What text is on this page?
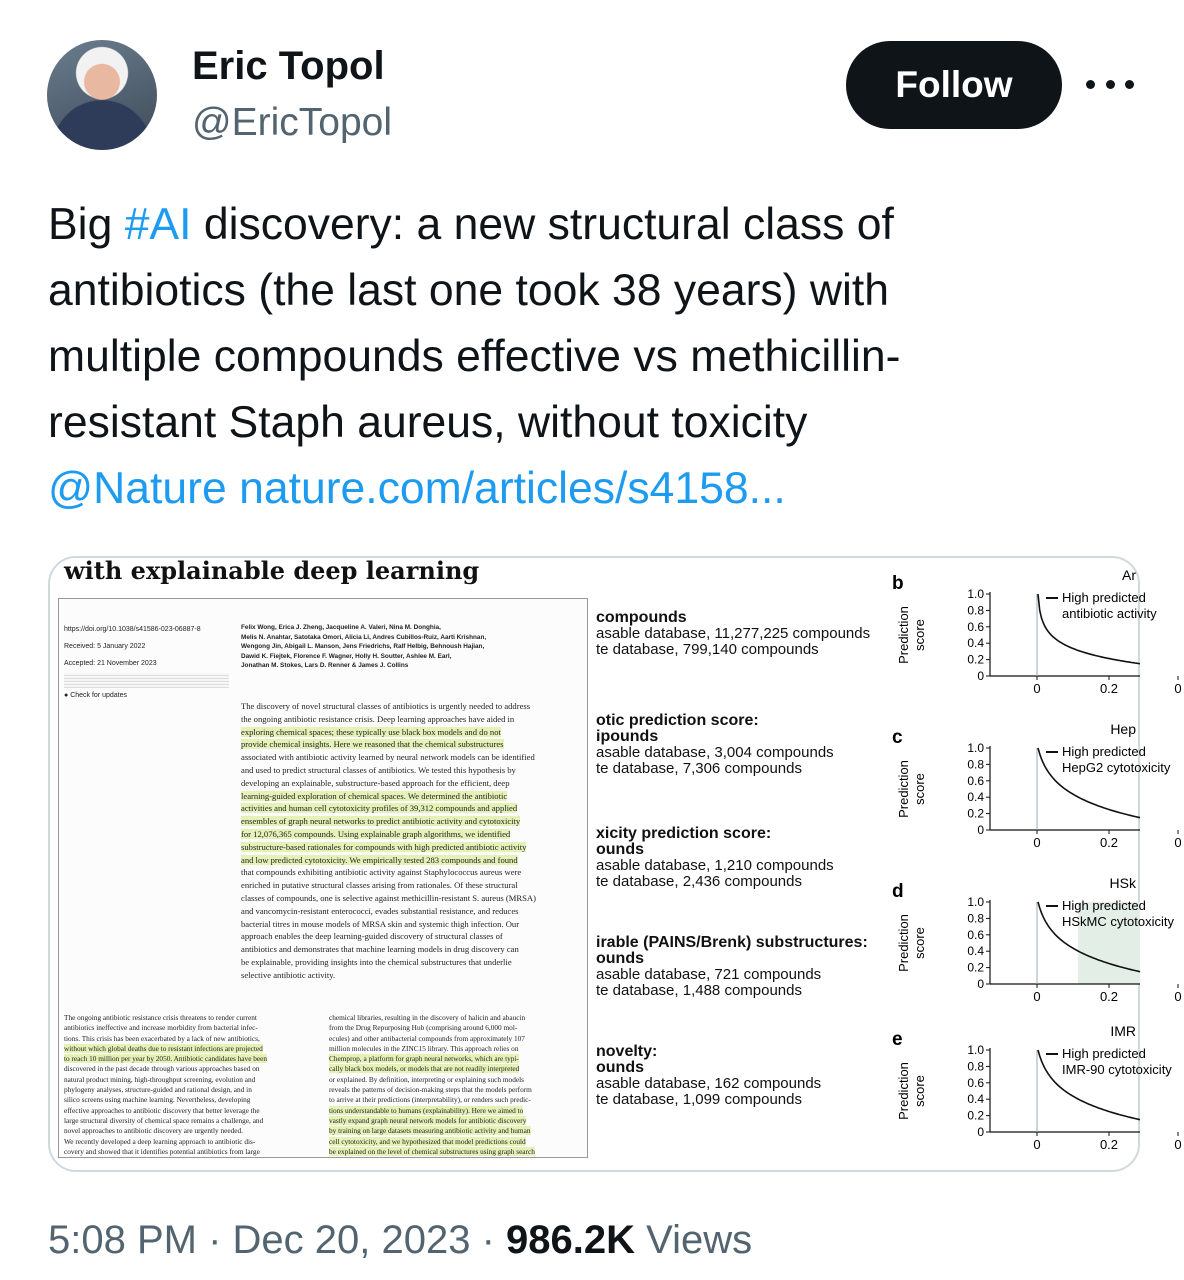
Eric Topol
@EricTopol
Follow

Big #AI discovery: a new structural class of

antibiotics (the last one took 38 years) with

multiple compounds effective vs methicillin-

resistant Staph aureus, without toxicity

@Nature nature.com/articles/s4158...

with explainable deep learning
https://doi.org/10.1038/s41586-023-06887-8
Received: 5 January 2022
Accepted: 21 November 2023
● Check for updates
Felix Wong, Erica J. Zheng, Jacqueline A. Valeri, Nina M. Donghia,
Melis N. Anahtar, Satotaka Omori, Alicia Li, Andres Cubillos-Ruiz, Aarti Krishnan,
Wengong Jin, Abigail L. Manson, Jens Friedrichs, Ralf Helbig, Behnoush Hajian,
Dawid K. Fiejtek, Florence F. Wagner, Holly H. Soutter, Ashlee M. Earl,
Jonathan M. Stokes, Lars D. Renner & James J. Collins
The discovery of novel structural classes of antibiotics is urgently needed to address
the ongoing antibiotic resistance crisis. Deep learning approaches have aided in
exploring chemical spaces; these typically use black box models and do not
provide chemical insights. Here we reasoned that the chemical substructures
associated with antibiotic activity learned by neural network models can be identified
and used to predict structural classes of antibiotics. We tested this hypothesis by
developing an explainable, substructure-based approach for the efficient, deep
learning-guided exploration of chemical spaces. We determined the antibiotic
activities and human cell cytotoxicity profiles of 39,312 compounds and applied
ensembles of graph neural networks to predict antibiotic activity and cytotoxicity
for 12,076,365 compounds. Using explainable graph algorithms, we identified
substructure-based rationales for compounds with high predicted antibiotic activity
and low predicted cytotoxicity. We empirically tested 283 compounds and found
that compounds exhibiting antibiotic activity against Staphylococcus aureus were
enriched in putative structural classes arising from rationales. Of these structural
classes of compounds, one is selective against methicillin-resistant S. aureus (MRSA)
and vancomycin-resistant enterococci, evades substantial resistance, and reduces
bacterial titres in mouse models of MRSA skin and systemic thigh infection. Our
approach enables the deep learning-guided discovery of structural classes of
antibiotics and demonstrates that machine learning models in drug discovery can
be explainable, providing insights into the chemical substructures that underlie
selective antibiotic activity.
The ongoing antibiotic resistance crisis threatens to render current
antibiotics ineffective and increase morbidity from bacterial infec-
tions. This crisis has been exacerbated by a lack of new antibiotics,
without which global deaths due to resistant infections are projected
to reach 10 million per year by 2050. Antibiotic candidates have been
discovered in the past decade through various approaches based on
natural product mining, high-throughput screening, evolution and
phylogeny analyses, structure-guided and rational design, and in
silico screens using machine learning. Nevertheless, developing
effective approaches to antibiotic discovery that better leverage the
large structural diversity of chemical space remains a challenge, and
novel approaches to antibiotic discovery are urgently needed.
We recently developed a deep learning approach to antibiotic dis-
covery and showed that it identifies potential antibiotics from large
chemical libraries, resulting in the discovery of halicin and abaucin
from the Drug Repurposing Hub (comprising around 6,000 mol-
ecules) and other antibacterial compounds from approximately 107
million molecules in the ZINC15 library. This approach relies on
Chemprop, a platform for graph neural networks, which are typi-
cally black box models, or models that are not readily interpreted
or explained. By definition, interpreting or explaining such models
reveals the patterns of decision-making steps that the models perform
to arrive at their predictions (interpretability), or renders such predic-
tions understandable to humans (explainability). Here we aimed to
vastly expand graph neural network models for antibiotic discovery
by training on large datasets measuring antibiotic activity and human
cell cytotoxicity, and we hypothesized that model predictions could
be explained on the level of chemical substructures using graph search
compounds
asable database, 11,277,225 compounds
te database, 799,140 compounds
otic prediction score:
ipounds
asable database, 3,004 compounds
te database, 7,306 compounds
xicity prediction score:
ounds
asable database, 1,210 compounds
te database, 2,436 compounds
irable (PAINS/Brenk) substructures:
ounds
asable database, 721 compounds
te database, 1,488 compounds
novelty:
ounds
asable database, 162 compounds
te database, 1,099 compounds
b	Ar
Predictionscore
1.0
0.8
0.6
0.4
0.2
0
0	0.2	0
High predicted
antibiotic activity
c	Hep
Predictionscore
1.0
0.8
0.6
0.4
0.2
0
0	0.2	0
High predicted
HepG2 cytotoxicity
d	HSk
Predictionscore
1.0
0.8
0.6
0.4
0.2
0
0	0.2	0
High predicted
HSkMC cytotoxicity
e	IMR
Predictionscore
1.0
0.8
0.6
0.4
0.2
0
0	0.2	0
High predicted
IMR-90 cytotoxicity
5:08 PM · Dec 20, 2023 · 986.2K Views
